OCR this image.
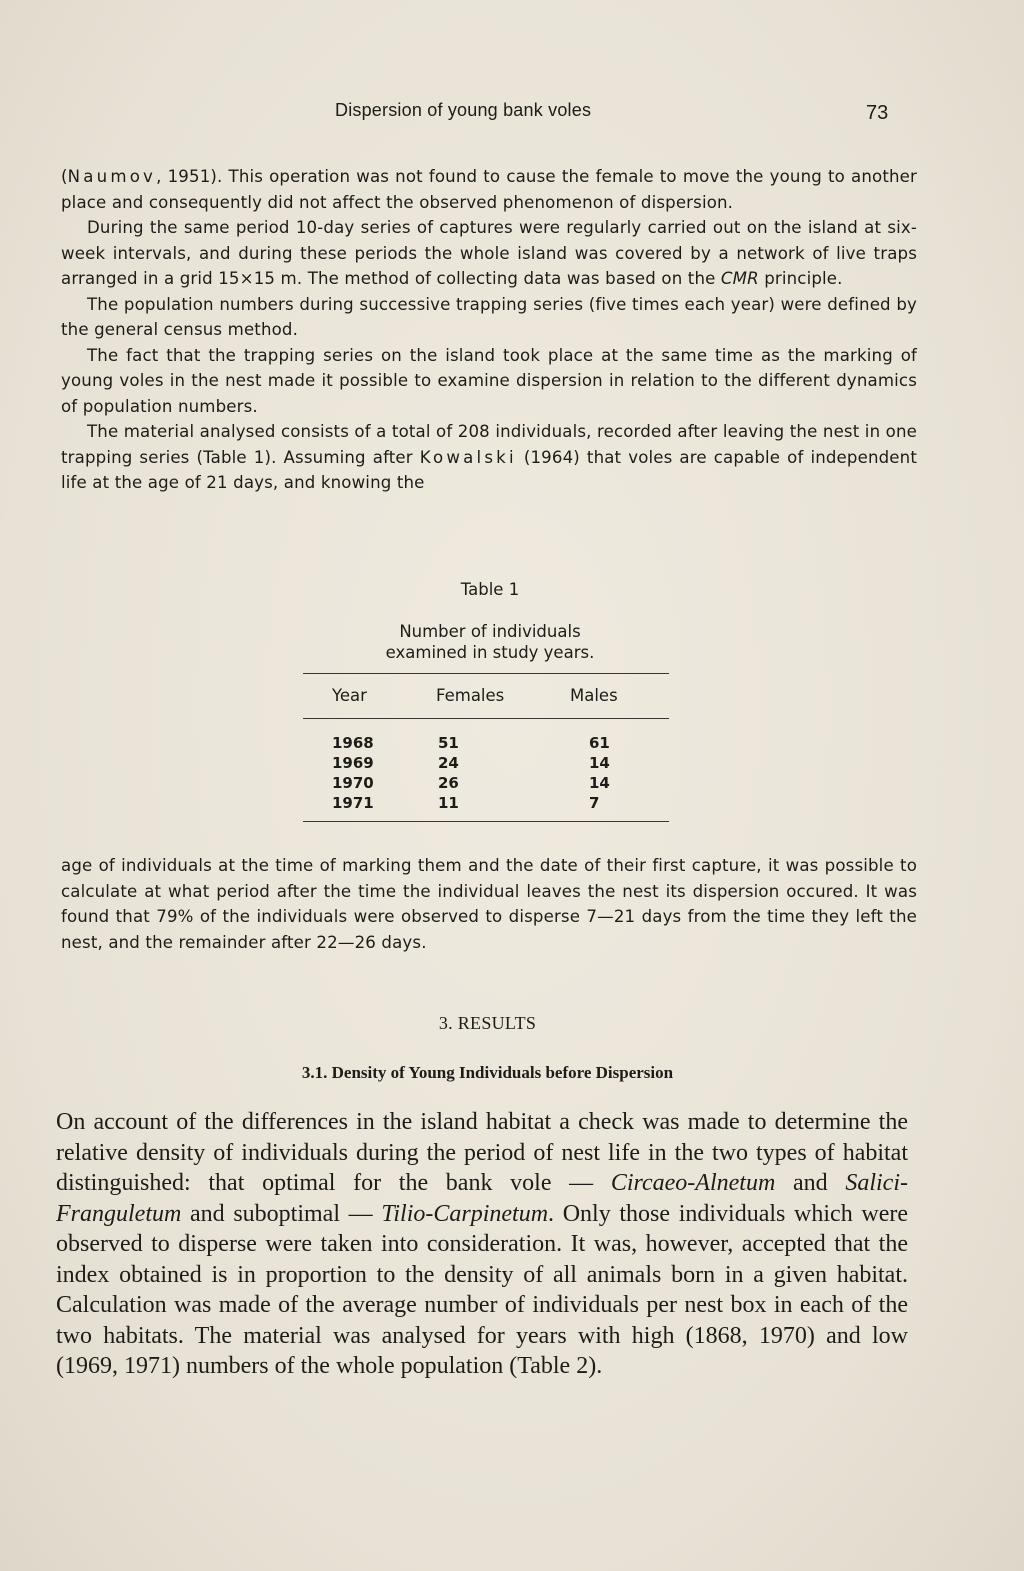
Dispersion of young bank voles	73

(Naumov, 1951). This operation was not found to cause the female to move the young to another place and consequently did not affect the observed phenomenon of dispersion.

During the same period 10-day series of captures were regularly carried out on the island at six-week intervals, and during these periods the whole island was covered by a network of live traps arranged in a grid 15×15 m. The method of collecting data was based on the CMR principle.

The population numbers during successive trapping series (five times each year) were defined by the general census method.

The fact that the trapping series on the island took place at the same time as the marking of young voles in the nest made it possible to examine dispersion in relation to the different dynamics of population numbers.

The material analysed consists of a total of 208 individuals, recorded after leaving the nest in one trapping series (Table 1). Assuming after Kowalski (1964) that voles are capable of independent life at the age of 21 days, and knowing the

Table 1
Number of individuals
examined in study years.
Year	Females	Males
1968	51	61
1969	24	14
1970	26	14
1971	11	7

age of individuals at the time of marking them and the date of their first capture, it was possible to calculate at what period after the time the individual leaves the nest its dispersion occured. It was found that 79% of the individuals were observed to disperse 7—21 days from the time they left the nest, and the remainder after 22—26 days.

3. RESULTS
3.1. Density of Young Individuals before Dispersion

On account of the differences in the island habitat a check was made to determine the relative density of individuals during the period of nest life in the two types of habitat distinguished: that optimal for the bank vole — Circaeo-Alnetum and Salici-Franguletum and suboptimal — Tilio-Carpinetum. Only those individuals which were observed to disperse were taken into consideration. It was, however, accepted that the index obtained is in proportion to the density of all animals born in a given habitat. Calculation was made of the average number of individuals per nest box in each of the two habitats. The material was analysed for years with high (1868, 1970) and low (1969, 1971) numbers of the whole population (Table 2).
